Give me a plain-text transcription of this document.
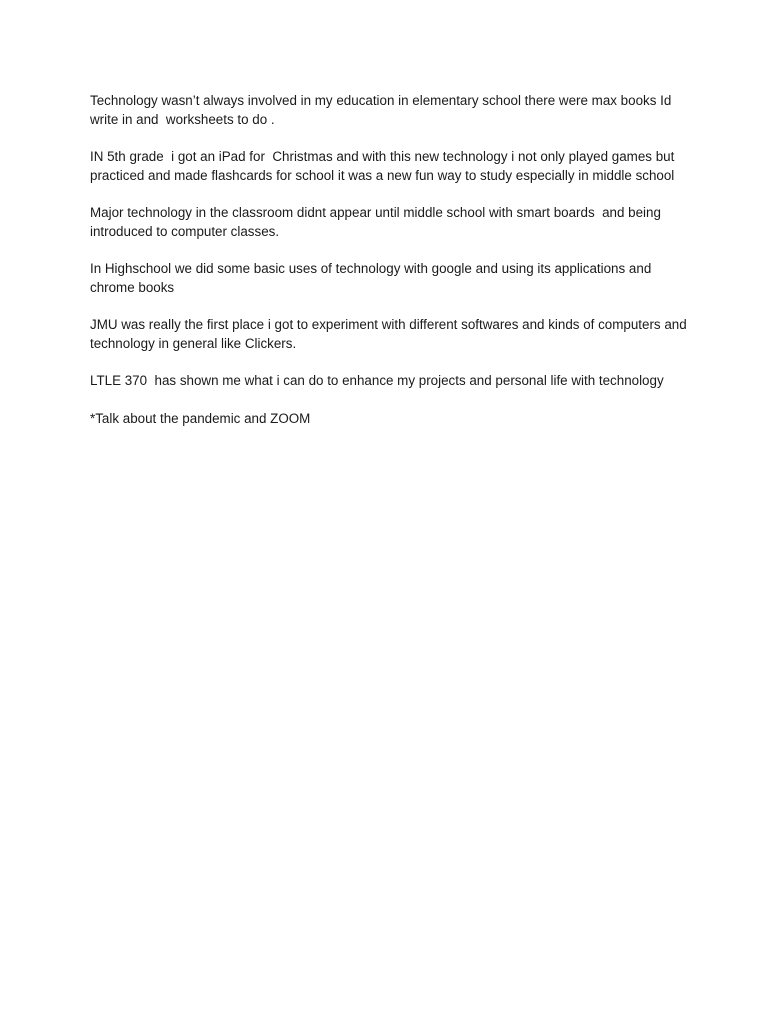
Technology wasn’t always involved in my education in elementary school there were max books Id write in and  worksheets to do .

IN 5th grade  i got an iPad for  Christmas and with this new technology i not only played games but practiced and made flashcards for school it was a new fun way to study especially in middle school

Major technology in the classroom didnt appear until middle school with smart boards  and being introduced to computer classes.

In Highschool we did some basic uses of technology with google and using its applications and chrome books

JMU was really the first place i got to experiment with different softwares and kinds of computers and technology in general like Clickers.

LTLE 370  has shown me what i can do to enhance my projects and personal life with technology

*Talk about the pandemic and ZOOM
